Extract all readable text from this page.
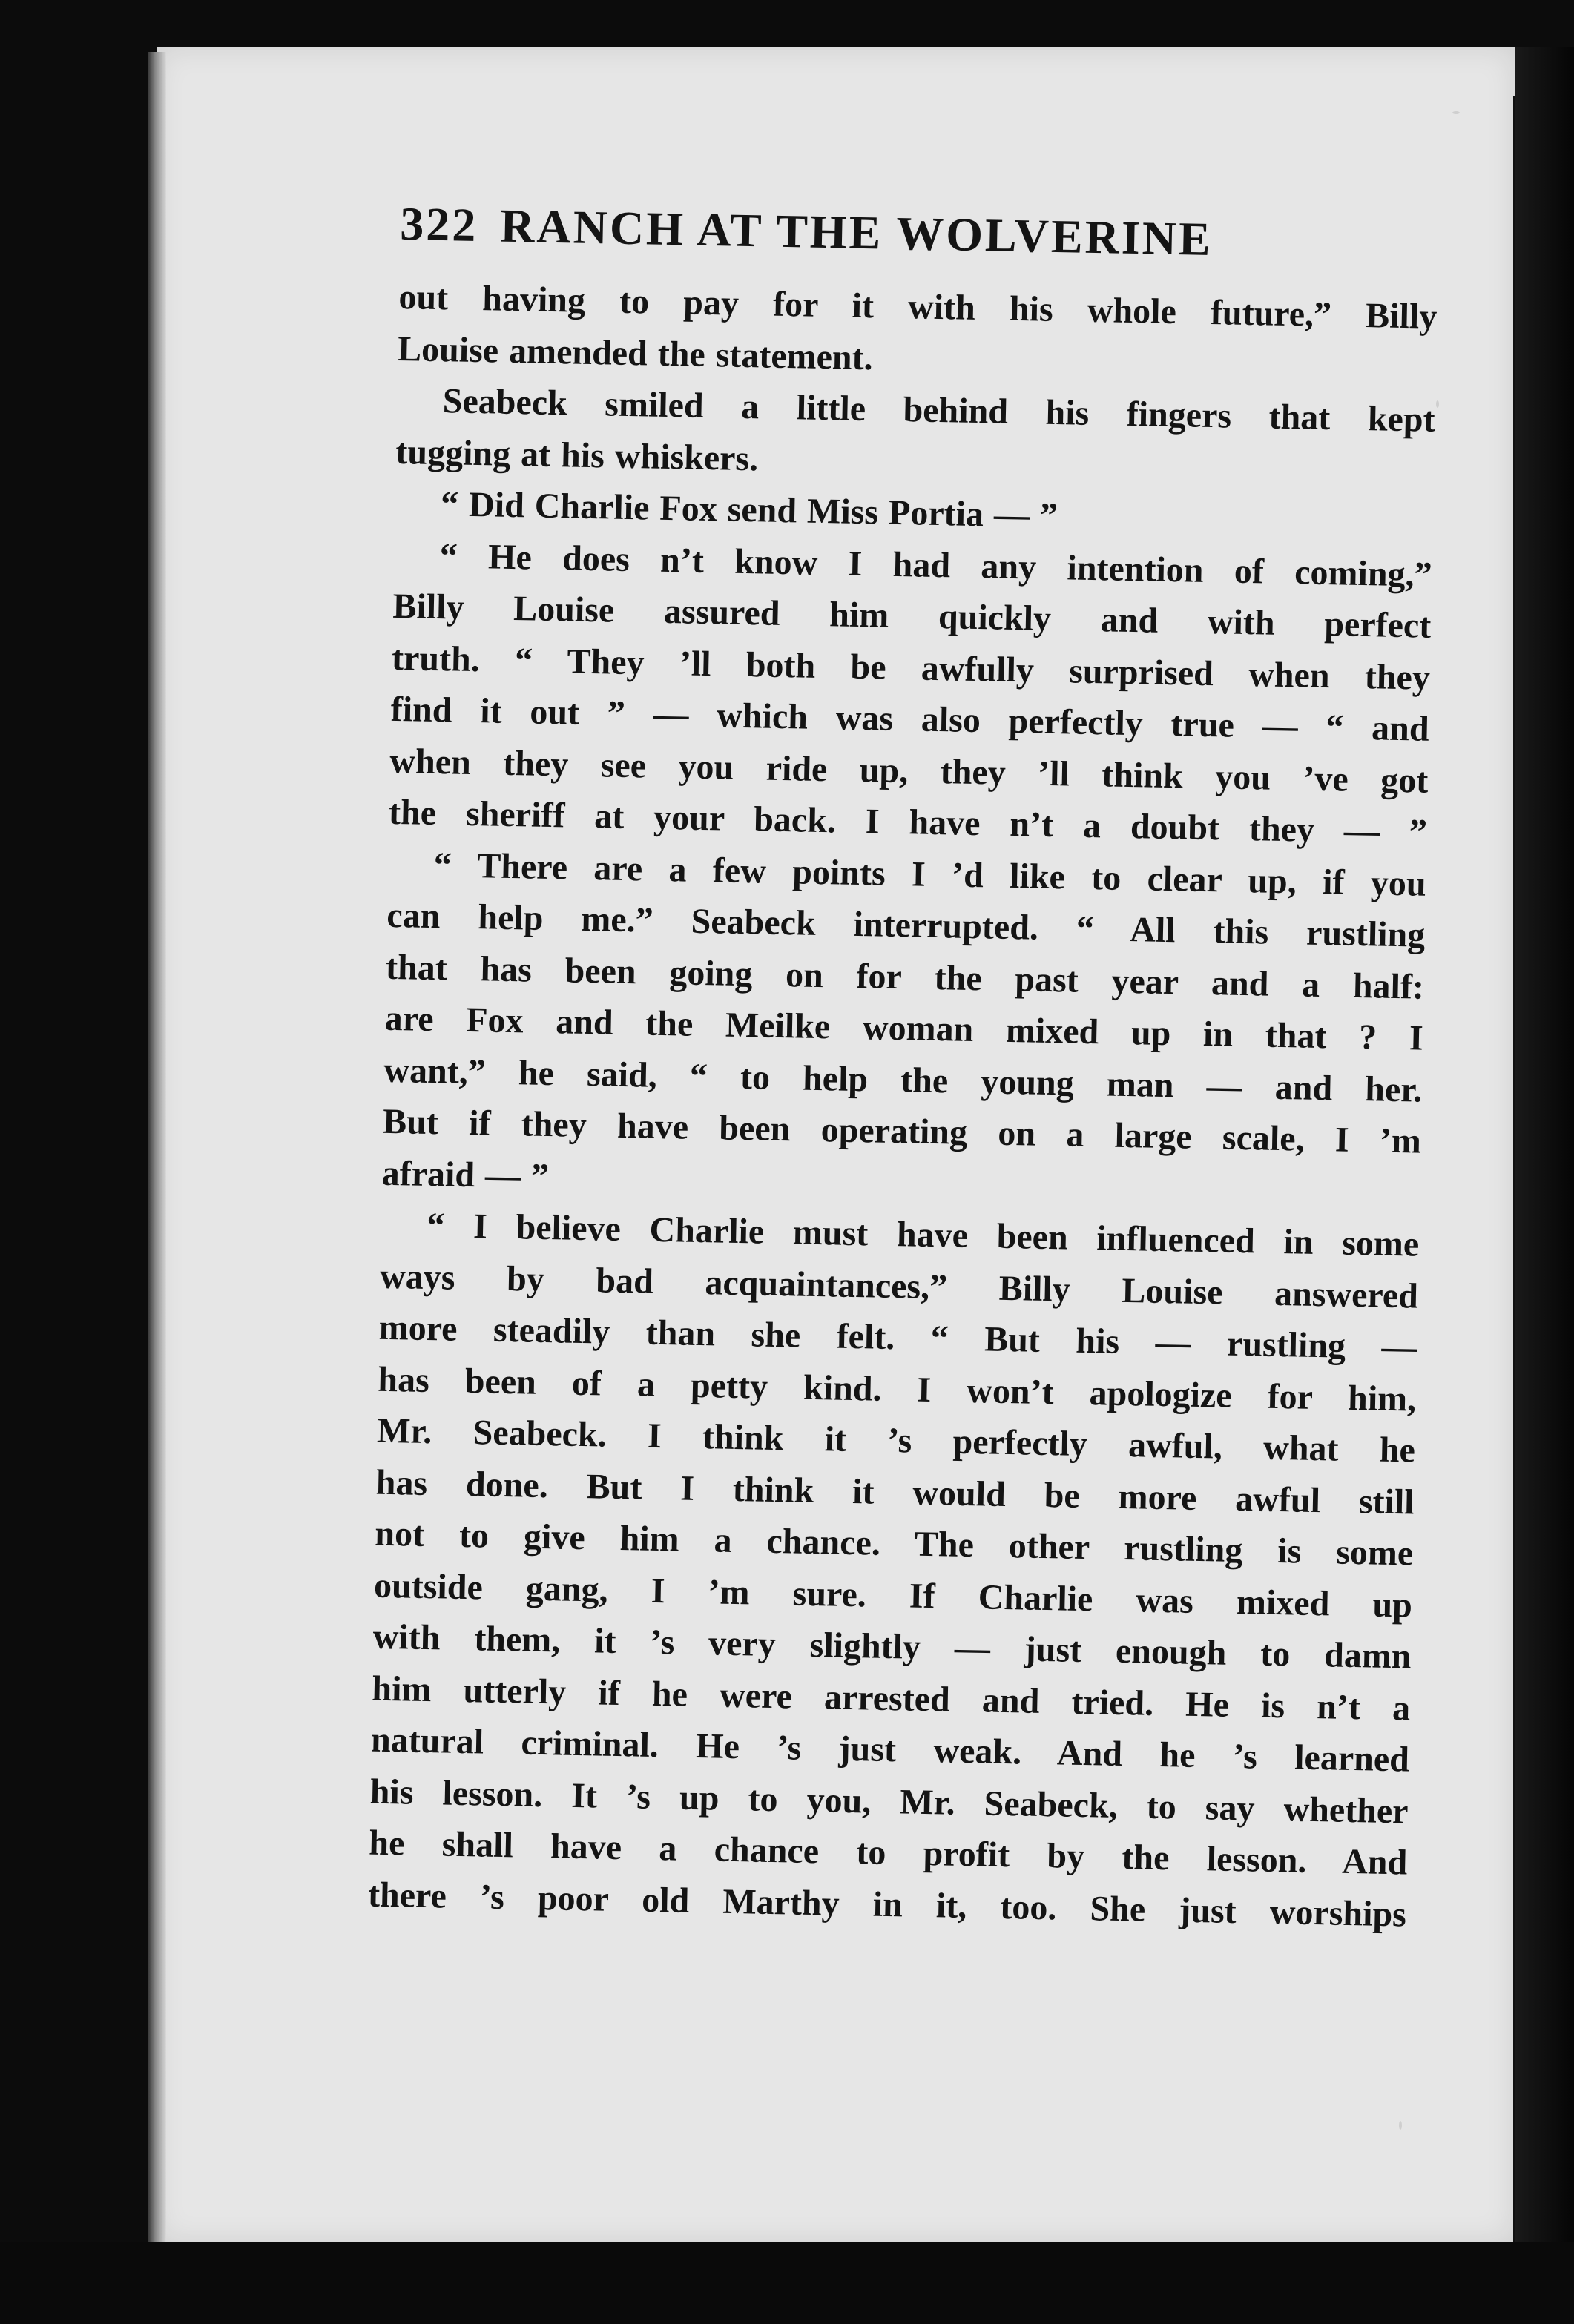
322 RANCH AT THE WOLVERINE
out having to pay for it with his whole future,” Billy
Louise amended the statement.
Seabeck smiled a little behind his fingers that kept
tugging at his whiskers.
“ Did Charlie Fox send Miss Portia — ”
“ He does n’t know I had any intention of coming,”
Billy Louise assured him quickly and with perfect
truth. “ They ’ll both be awfully surprised when they
find it out ” — which was also perfectly true — “ and
when they see you ride up, they ’ll think you ’ve got
the sheriff at your back. I have n’t a doubt they — ”
“ There are a few points I ’d like to clear up, if you
can help me.” Seabeck interrupted. “ All this rustling
that has been going on for the past year and a half:
are Fox and the Meilke woman mixed up in that ? I
want,” he said, “ to help the young man — and her.
But if they have been operating on a large scale, I ’m
afraid — ”
“ I believe Charlie must have been influenced in some
ways by bad acquaintances,” Billy Louise answered
more steadily than she felt. “ But his — rustling —
has been of a petty kind. I won’t apologize for him,
Mr. Seabeck. I think it ’s perfectly awful, what he
has done. But I think it would be more awful still
not to give him a chance. The other rustling is some
outside gang, I ’m sure. If Charlie was mixed up
with them, it ’s very slightly — just enough to damn
him utterly if he were arrested and tried. He is n’t a
natural criminal. He ’s just weak. And he ’s learned
his lesson. It ’s up to you, Mr. Seabeck, to say whether
he shall have a chance to profit by the lesson. And
there ’s poor old Marthy in it, too. She just worships
